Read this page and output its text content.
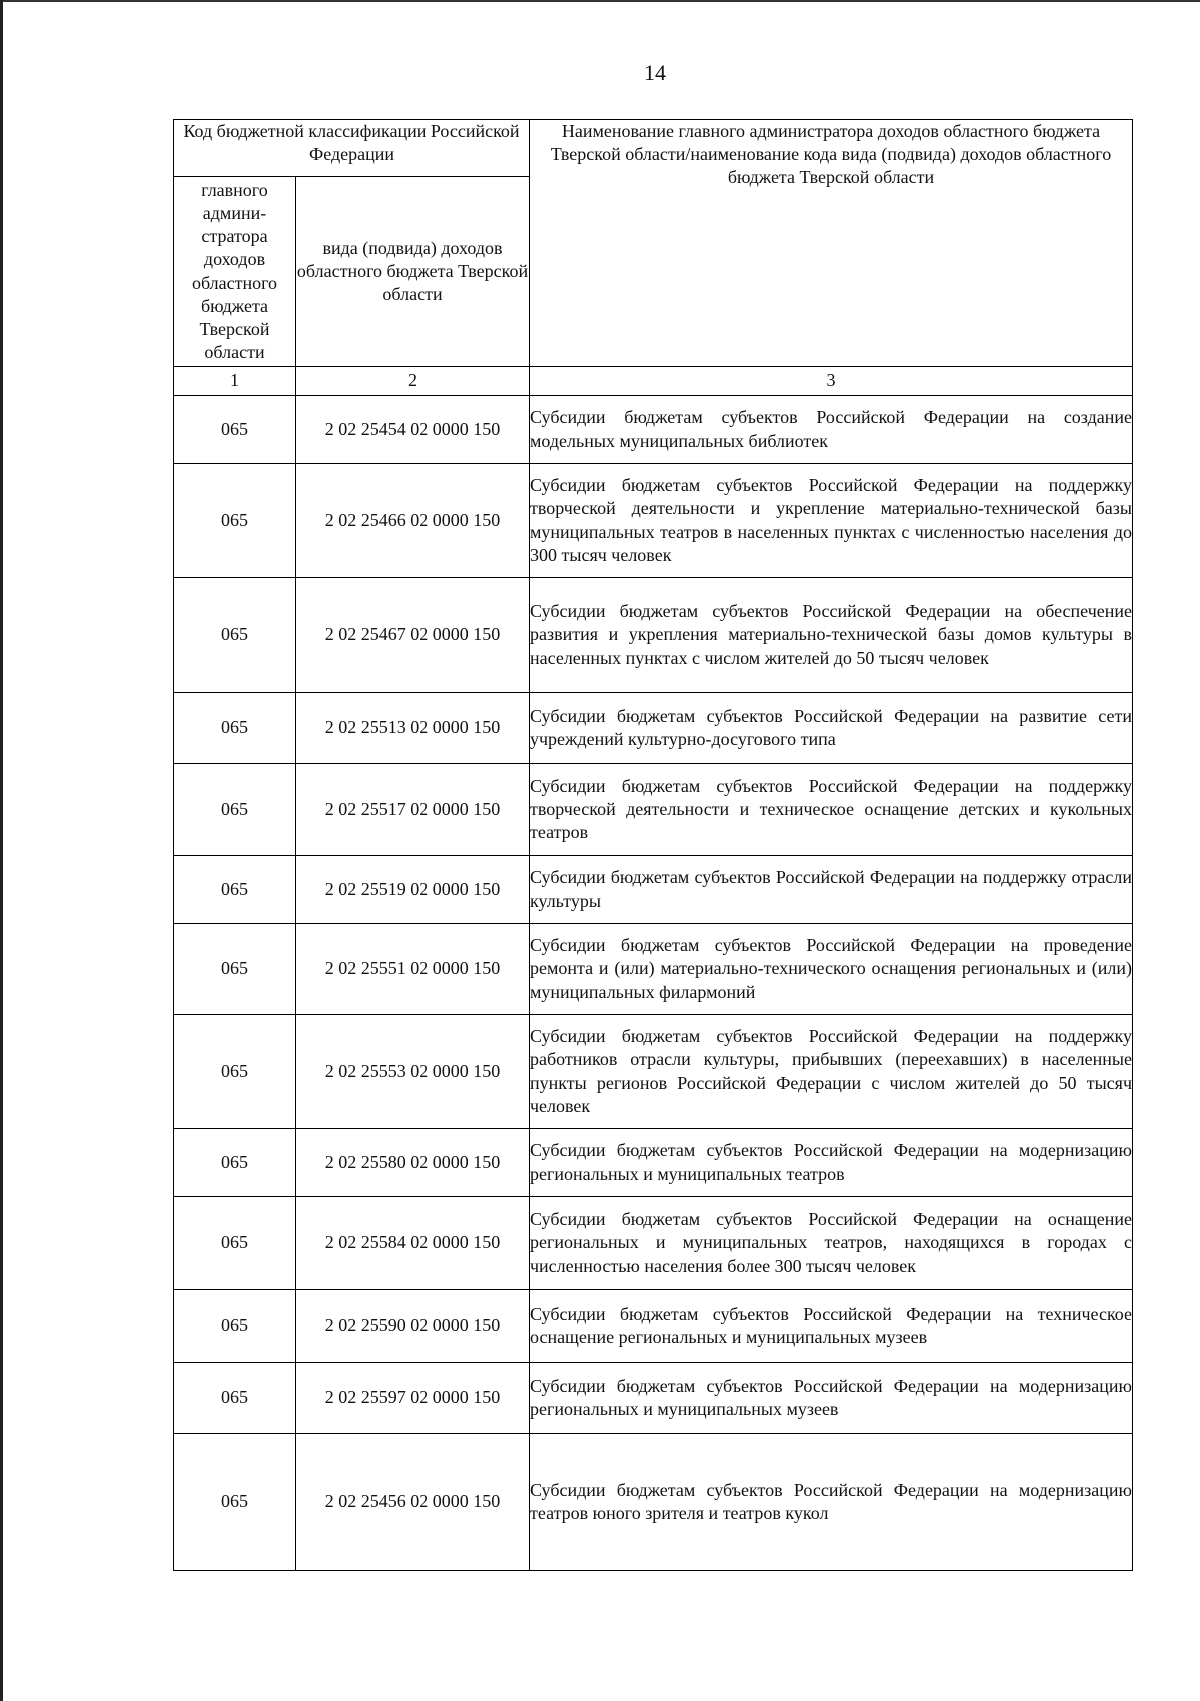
14
Код бюджетной классификации Российской Федерации		Наименование главного администратора доходов областного бюджета Тверской области/наименование кода вида (подвида) доходов областного бюджета Тверской области
главного админи-стратора доходов областного бюджета Тверской области	вида (подвида) доходов областного бюджета Тверской области	
1	2	3
065	2 02 25454 02 0000 150	Субсидии бюджетам субъектов Российской Федерации на создание модельных муниципальных библиотек
065	2 02 25466 02 0000 150	Субсидии бюджетам субъектов Российской Федерации на поддержку творческой деятельности и укрепление материально-технической базы муниципальных театров в населенных пунктах с численностью населения до 300 тысяч человек
065	2 02 25467 02 0000 150	Субсидии бюджетам субъектов Российской Федерации на обеспечение развития и укрепления материально-технической базы домов культуры в населенных пунктах с числом жителей до 50 тысяч человек
065	2 02 25513 02 0000 150	Субсидии бюджетам субъектов Российской Федерации на развитие сети учреждений культурно-досугового типа
065	2 02 25517 02 0000 150	Субсидии бюджетам субъектов Российской Федерации на поддержку творческой деятельности и техническое оснащение детских и кукольных театров
065	2 02 25519 02 0000 150	Субсидии бюджетам субъектов Российской Федерации на поддержку отрасли культуры
065	2 02 25551 02 0000 150	Субсидии бюджетам субъектов Российской Федерации на проведение ремонта и (или) материально-технического оснащения региональных и (или) муниципальных филармоний
065	2 02 25553 02 0000 150	Субсидии бюджетам субъектов Российской Федерации на поддержку работников отрасли культуры, прибывших (переехавших) в населенные пункты регионов Российской Федерации с числом жителей до 50 тысяч человек
065	2 02 25580 02 0000 150	Субсидии бюджетам субъектов Российской Федерации на модернизацию региональных и муниципальных театров
065	2 02 25584 02 0000 150	Субсидии бюджетам субъектов Российской Федерации на оснащение региональных и муниципальных театров, находящихся в городах с численностью населения более 300 тысяч человек
065	2 02 25590 02 0000 150	Субсидии бюджетам субъектов Российской Федерации на техническое оснащение региональных и муниципальных музеев
065	2 02 25597 02 0000 150	Субсидии бюджетам субъектов Российской Федерации на модернизацию региональных и муниципальных музеев
065	2 02 25456 02 0000 150	Субсидии бюджетам субъектов Российской Федерации на модернизацию театров юного зрителя и театров кукол
